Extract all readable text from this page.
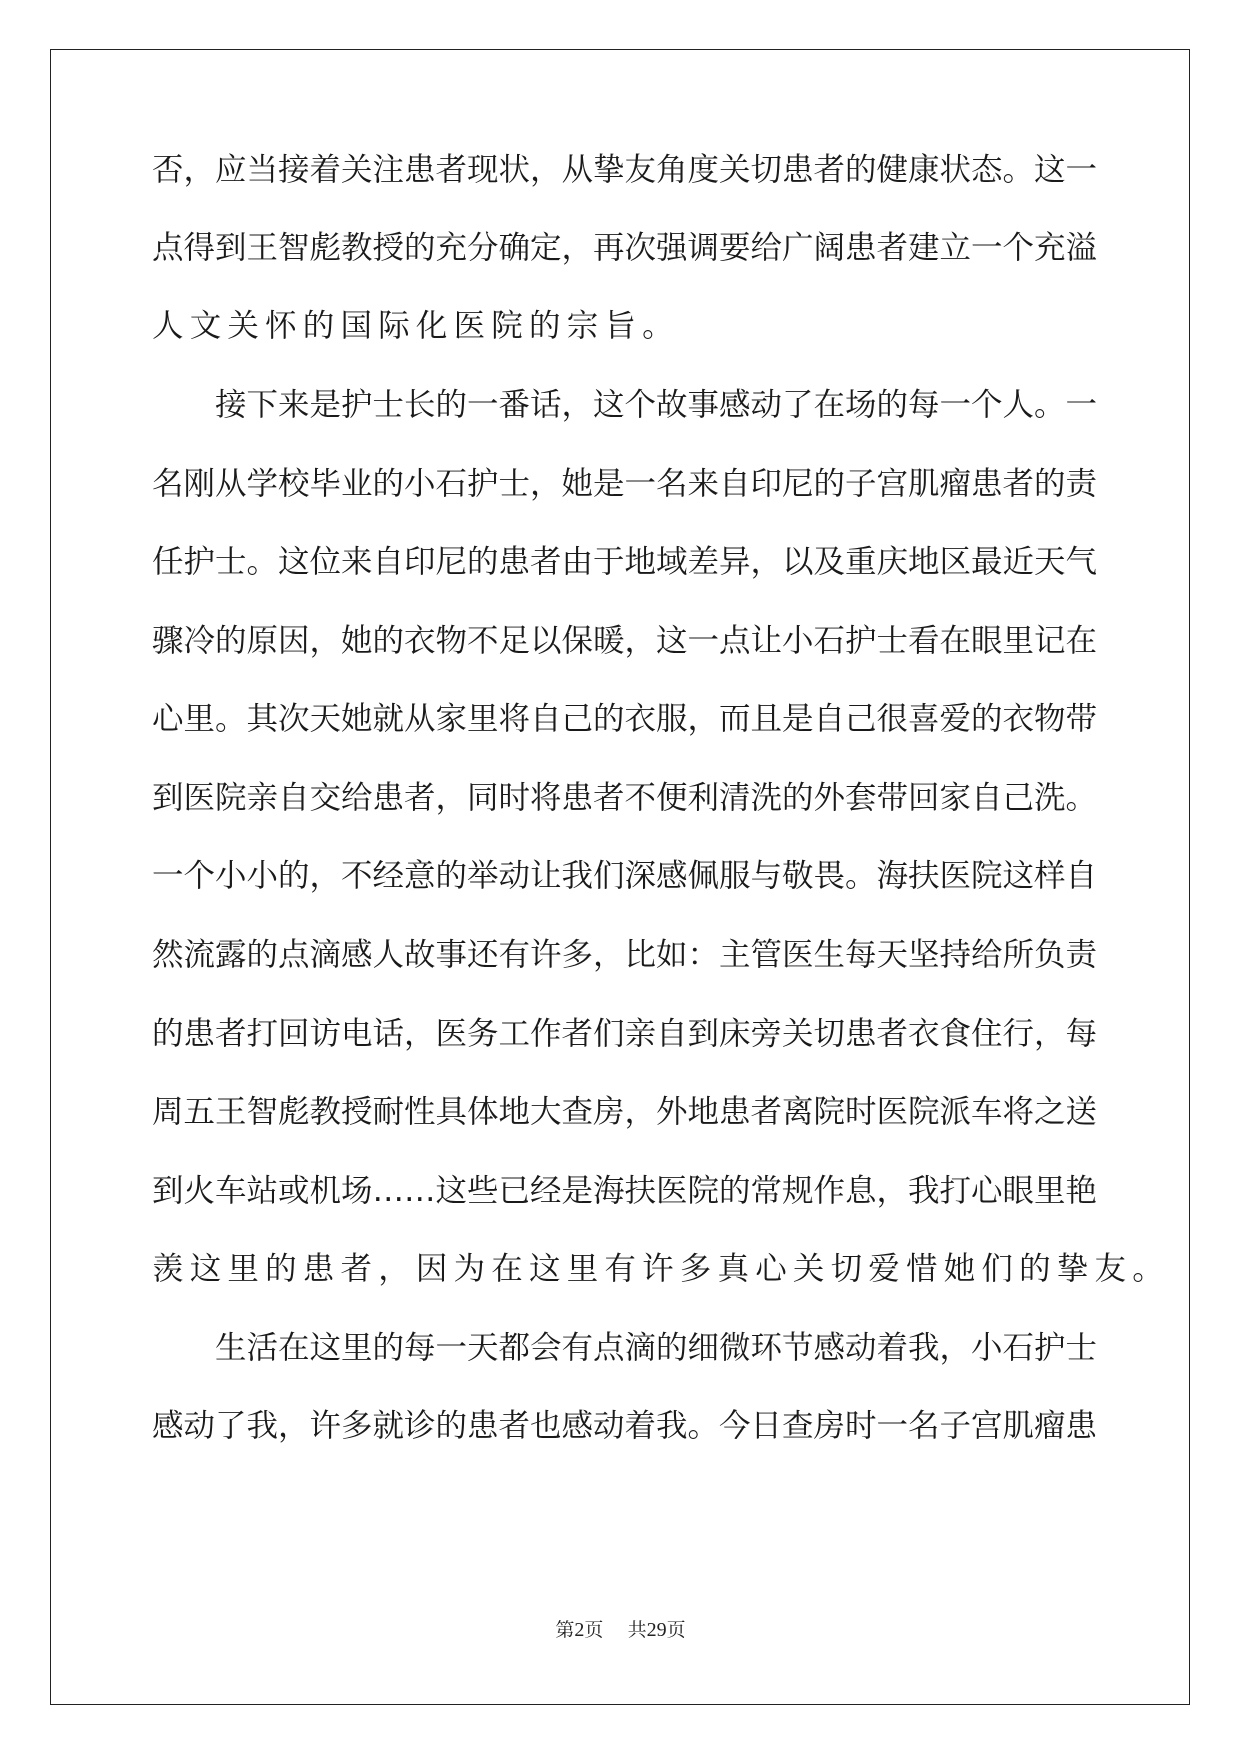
否，应当接着关注患者现状，从挚友角度关切患者的健康状态。这一
点得到王智彪教授的充分确定，再次强调要给广阔患者建立一个充溢
人文关怀的国际化医院的宗旨。
接下来是护士长的一番话，这个故事感动了在场的每一个人。一
名刚从学校毕业的小石护士，她是一名来自印尼的子宫肌瘤患者的责
任护士。这位来自印尼的患者由于地域差异，以及重庆地区最近天气
骤冷的原因，她的衣物不足以保暖，这一点让小石护士看在眼里记在
心里。其次天她就从家里将自己的衣服，而且是自己很喜爱的衣物带
到医院亲自交给患者，同时将患者不便利清洗的外套带回家自己洗。
一个小小的，不经意的举动让我们深感佩服与敬畏。海扶医院这样自
然流露的点滴感人故事还有许多，比如：主管医生每天坚持给所负责
的患者打回访电话，医务工作者们亲自到床旁关切患者衣食住行，每
周五王智彪教授耐性具体地大查房，外地患者离院时医院派车将之送
到火车站或机场……这些已经是海扶医院的常规作息，我打心眼里艳
羡这里的患者，因为在这里有许多真心关切爱惜她们的挚友。
生活在这里的每一天都会有点滴的细微环节感动着我，小石护士
感动了我，许多就诊的患者也感动着我。今日查房时一名子宫肌瘤患
第2页 共29页
